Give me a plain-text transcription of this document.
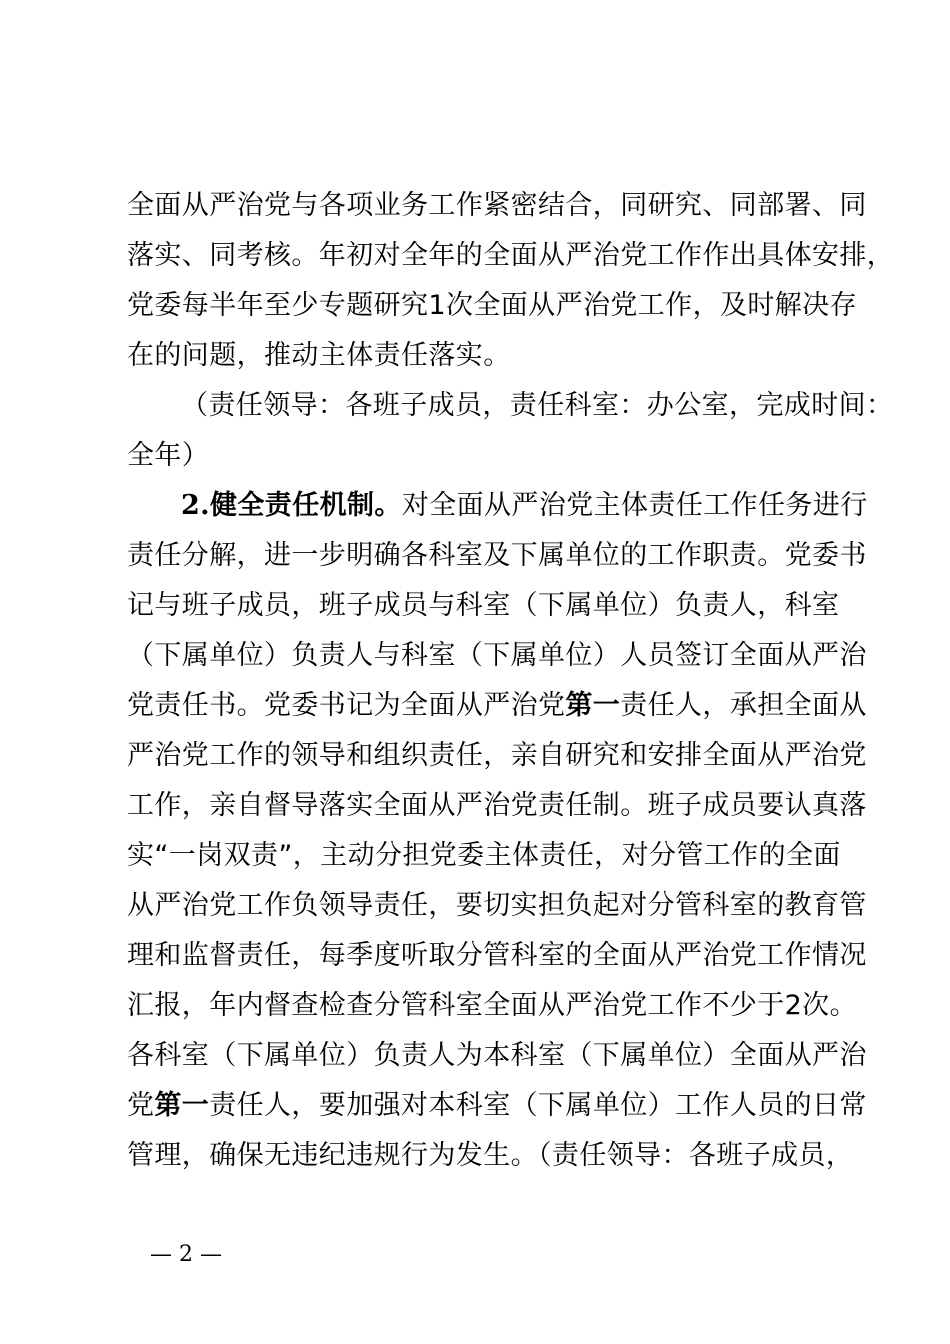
全面从严治党与各项业务工作紧密结合，同研究、同部署、同
落实、同考核。年初对全年的全面从严治党工作作出具体安排，
党委每半年至少专题研究1次全面从严治党工作，及时解决存
在的问题，推动主体责任落实。
（责任领导：各班子成员，责任科室：办公室，完成时间：
全年）
2.健全责任机制。对全面从严治党主体责任工作任务进行
责任分解，进一步明确各科室及下属单位的工作职责。党委书
记与班子成员，班子成员与科室（下属单位）负责人，科室
（下属单位）负责人与科室（下属单位）人员签订全面从严治
党责任书。党委书记为全面从严治党第一责任人，承担全面从
严治党工作的领导和组织责任，亲自研究和安排全面从严治党
工作，亲自督导落实全面从严治党责任制。班子成员要认真落
实“一岗双责”，主动分担党委主体责任，对分管工作的全面
从严治党工作负领导责任，要切实担负起对分管科室的教育管
理和监督责任，每季度听取分管科室的全面从严治党工作情况
汇报，年内督查检查分管科室全面从严治党工作不少于2次。
各科室（下属单位）负责人为本科室（下属单位）全面从严治
党第一责任人，要加强对本科室（下属单位）工作人员的日常
管理，确保无违纪违规行为发生。（责任领导：各班子成员，
— 2 —
